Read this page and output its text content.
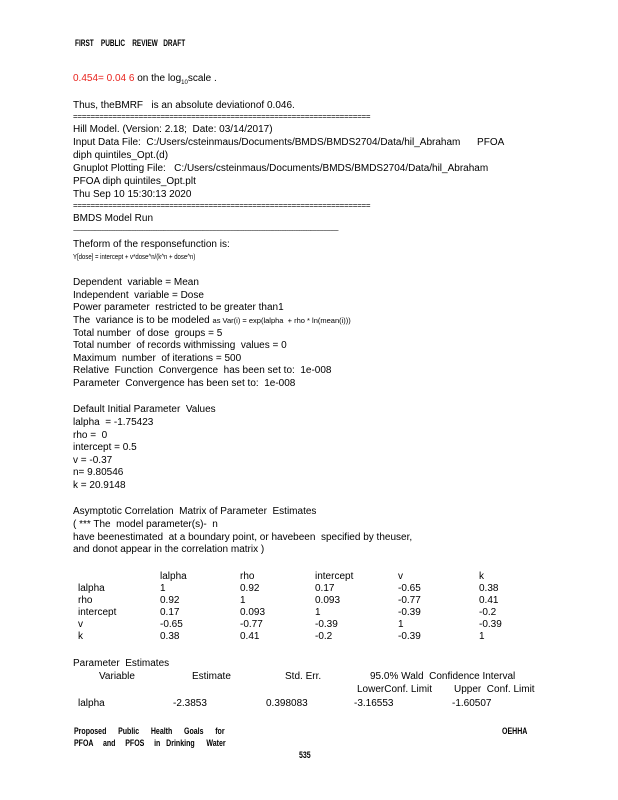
FIRST    PUBLIC    REVIEW   DRAFT
0.454= 0.04 6 on the $\log_{10}scale$ .
Thus, theBMRF   is an absolute deviationof 0.046.
====================================================================
Hill Model. (Version: 2.18;  Date: 03/14/2017)
Input Data File:  C:/Users/csteinmaus/Documents/BMDS/BMDS2704/Data/hil_Abraham      PFOA
diph quintiles_Opt.(d)
Gnuplot Plotting File:   C:/Users/csteinmaus/Documents/BMDS/BMDS2704/Data/hil_Abraham
PFOA diph quintiles_Opt.plt
Thu Sep 10 15:30:13 2020
====================================================================
BMDS Model Run
~~~~~~~~~~~~~~~~~~~~~~~~~~~~~~~~~~~~~~~~~~~~~~~~~~~~~~~~~~~~~~~~~~~~~~~~~~~~
Theform of the responsefunction is:
Y[dose] = intercept + v*dose^n/(k^n + dose^n)
Dependent  variable = Mean
Independent  variable = Dose
Power parameter  restricted to be greater than1
The  variance is to be modeled as Var(i) = exp(lalpha  + rho * ln(mean(i)))
Total number  of dose  groups = 5
Total number  of records withmissing  values = 0
Maximum  number  of iterations = 500
Relative  Function  Convergence  has been set to:  1e-008
Parameter  Convergence has been set to:  1e-008
Default Initial Parameter  Values
lalpha  = -1.75423
rho =  0
intercept = 0.5
v = -0.37
n= 9.80546
k = 20.9148
Asymptotic Correlation  Matrix of Parameter  Estimates
( *** The  model parameter(s)-  n
have beenestimated  at a boundary point, or havebeen  specified by theuser,
and donot appear in the correlation matrix )
lalpha	rho	intercept	v	k
lalpha	1	0.92	0.17	-0.65	0.38
rho	0.92	1	0.093	-0.77	0.41
intercept	0.17	0.093	1	-0.39	-0.2
v	-0.65	-0.77	-0.39	1	-0.39
k	0.38	0.41	-0.2	-0.39	1
Parameter  Estimates
Variable	Estimate	Std. Err.	95.0% Wald  Confidence Interval
LowerConf. Limit Upper  Conf. Limit
lalpha	-2.3853	0.398083	-3.16553	-1.60507
Proposed      Public      Health      Goals      for
PFOA     and     PFOS     in   Drinking      Water
OEHHA
535
